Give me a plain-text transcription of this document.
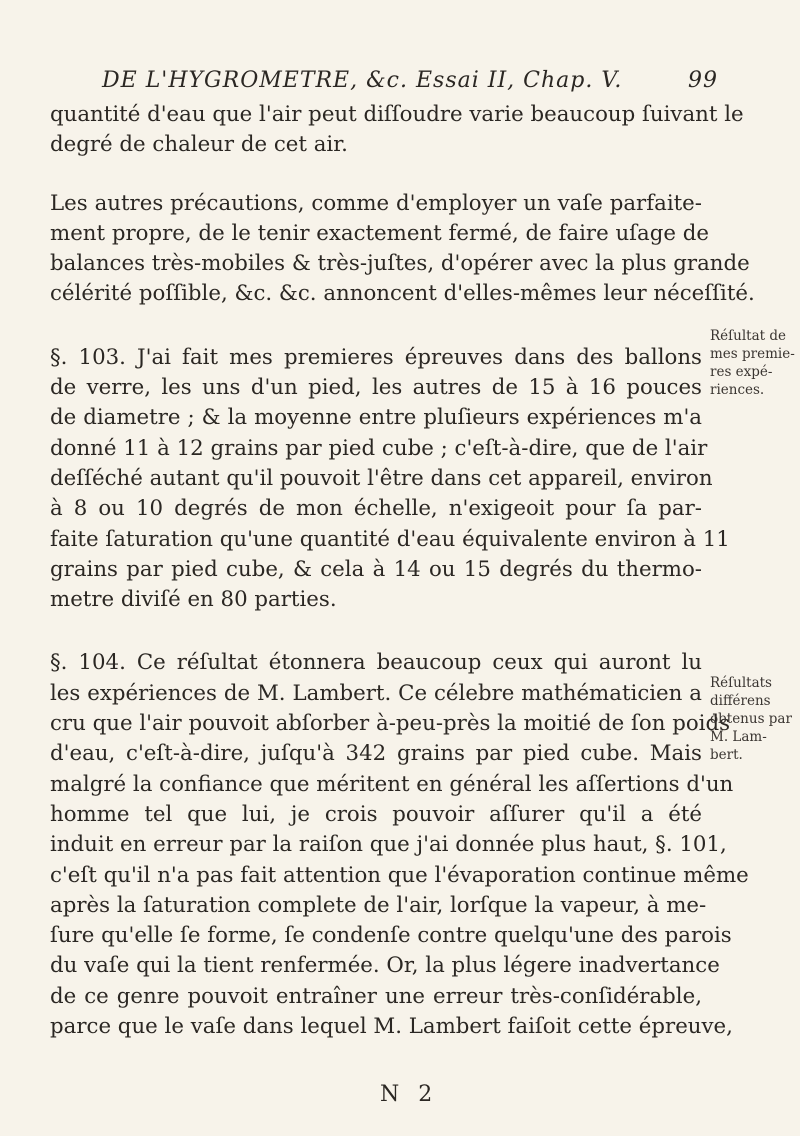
DE L'HYGROMETRE, &c. Essai II, Chap. V.	99

quantité d'eau que l'air peut diſſoudre varie beaucoup ſuivant le
degré de chaleur de cet air.

Les autres précautions, comme d'employer un vaſe parfaite-
ment propre, de le tenir exactement fermé, de faire uſage de
balances très-mobiles & très-juſtes, d'opérer avec la plus grande
célérité poſſible, &c. &c. annoncent d'elles-mêmes leur néceſſité.

§. 103. J'ai fait mes premieres épreuves dans des ballons
de verre, les uns d'un pied, les autres de 15 à 16 pouces
de diametre ; & la moyenne entre pluſieurs expériences m'a
donné 11 à 12 grains par pied cube ; c'eſt-à-dire, que de l'air
deſſéché autant qu'il pouvoit l'être dans cet appareil, environ
à 8 ou 10 degrés de mon échelle, n'exigeoit pour ſa par-
faite ſaturation qu'une quantité d'eau équivalente environ à 11
grains par pied cube, & cela à 14 ou 15 degrés du thermo-
metre diviſé en 80 parties.

§. 104. Ce réſultat étonnera beaucoup ceux qui auront lu
les expériences de M. Lambert. Ce célebre mathématicien a
cru que l'air pouvoit abſorber à-peu-près la moitié de ſon poids
d'eau, c'eſt-à-dire, juſqu'à 342 grains par pied cube. Mais
malgré la confiance que méritent en général les aſſertions d'un
homme tel que lui, je crois pouvoir aſſurer qu'il a été
induit en erreur par la raiſon que j'ai donnée plus haut, §. 101,
c'eſt qu'il n'a pas fait attention que l'évaporation continue même
après la ſaturation complete de l'air, lorſque la vapeur, à me-
ſure qu'elle ſe forme, ſe condenſe contre quelqu'une des parois
du vaſe qui la tient renfermée. Or, la plus légere inadvertance
de ce genre pouvoit entraîner une erreur très-conſidérable,
parce que le vaſe dans lequel M. Lambert faiſoit cette épreuve,

Réſultat de
mes premie-
res expé-
riences.
Réſultats
différens
obtenus par
M. Lam-
bert.
N 2
